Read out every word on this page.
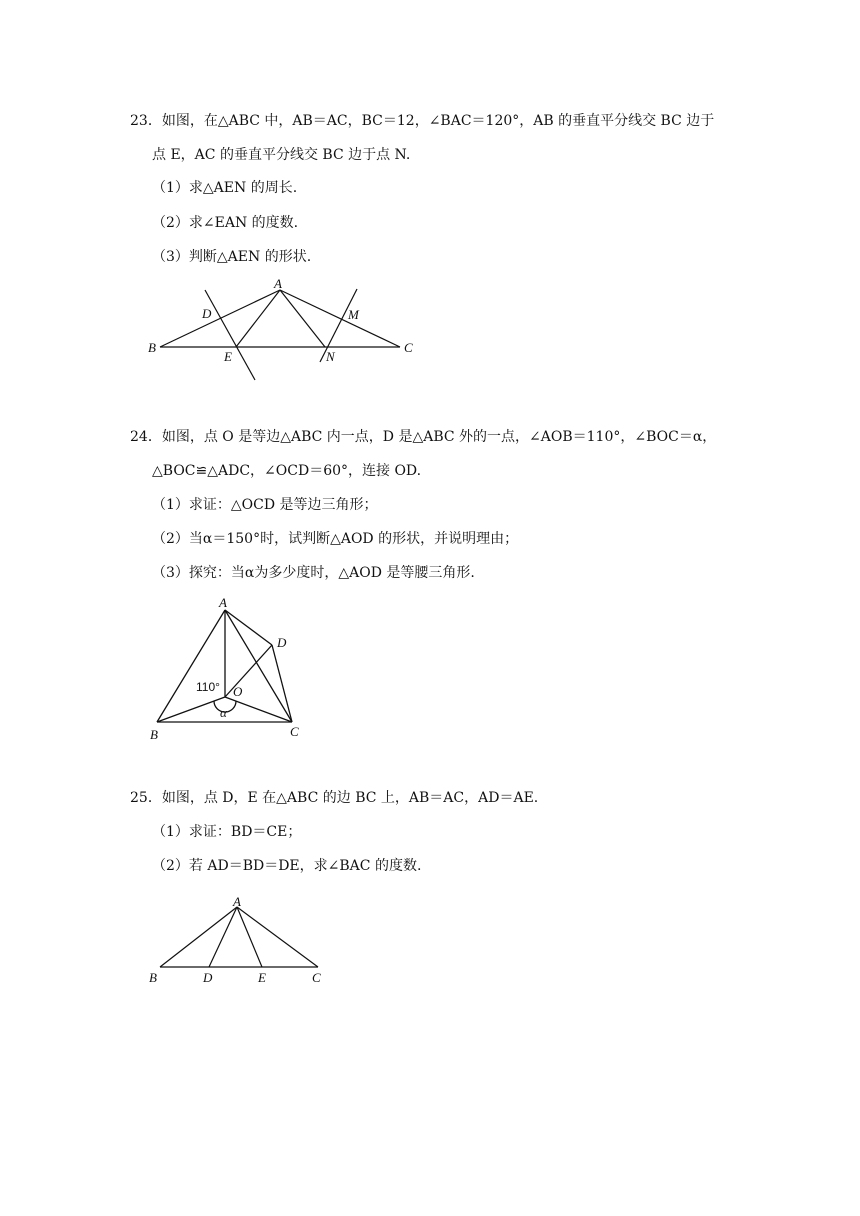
23．如图，在△ABC 中，AB＝AC，BC＝12，∠BAC＝120°，AB 的垂直平分线交 BC 边于
点 E，AC 的垂直平分线交 BC 边于点 N.
（1）求△AEN 的周长.
（2）求∠EAN 的度数.
（3）判断△AEN 的形状.
A
B	C
D
E
M
N
24．如图，点 O 是等边△ABC 内一点，D 是△ABC 外的一点，∠AOB＝110°，∠BOC＝α，
△BOC≌△ADC，∠OCD＝60°，连接 OD.
（1）求证：△OCD 是等边三角形；
（2）当α＝150°时，试判断△AOD 的形状，并说明理由；
（3）探究：当α为多少度时，△AOD 是等腰三角形.
A
B	C
D
O
110°
α
25．如图，点 D，E 在△ABC 的边 BC 上，AB＝AC，AD＝AE.
（1）求证：BD＝CE；
（2）若 AD＝BD＝DE，求∠BAC 的度数.
A
B	D	E	C
